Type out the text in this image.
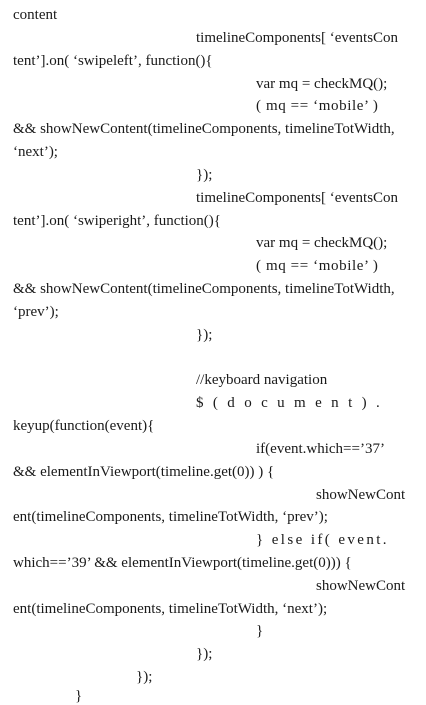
content
timelineComponents[ ‘eventsCon
tent’].on( ‘swipeleft’, function(){
var mq = checkMQ();
( mq == ‘mobile’ )
&& showNewContent(timelineComponents, timelineTotWidth,
‘next’);
});
timelineComponents[ ‘eventsCon
tent’].on( ‘swiperight’, function(){
var mq = checkMQ();
( mq == ‘mobile’ )
&& showNewContent(timelineComponents, timelineTotWidth,
‘prev’);
});
//keyboard navigation
$(document).
keyup(function(event){
if(event.which==’37’
&& elementInViewport(timeline.get(0)) ) {
showNewCont
ent(timelineComponents, timelineTotWidth, ‘prev’);
} else if( event.
which==’39’ && elementInViewport(timeline.get(0))) {
showNewCont
ent(timelineComponents, timelineTotWidth, ‘next’);
}
});
});
}
